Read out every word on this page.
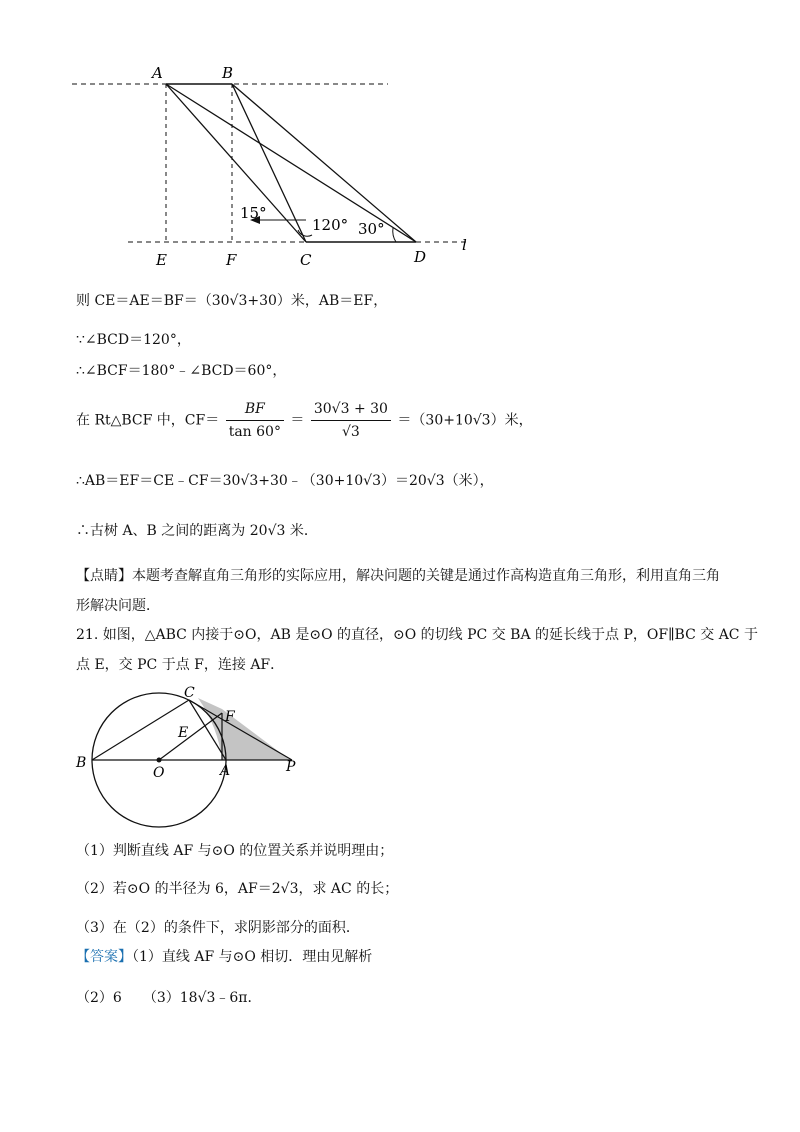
A	B
E	F	C	D
l
15°
120° 30°
则 CE＝AE＝BF＝（30√3+30）米，AB＝EF，
∵∠BCD＝120°，
∴∠BCF＝180°﹣∠BCD＝60°，
在 Rt△BCF 中，$CF= \frac{BF}{\tan 60^\circ} = \frac{30√3 + 30}{√3} =(30+10√3)$米，
∴AB＝EF＝CE﹣CF＝30√3+30﹣（30+10√3）＝20√3（米），
∴古树 A、B 之间的距离为 20√3 米．
【点睛】本题考查解直角三角形的实际应用，解决问题的关键是通过作高构造直角三角形，利用直角三角
形解决问题．
21. 如图，△ABC 内接于⊙O，AB 是⊙O 的直径，⊙O 的切线 PC 交 BA 的延长线于点 P，OF∥BC 交 AC 于
点 E，交 PC 于点 F，连接 AF．
B
C
F
E
O	A	P
（1）判断直线 AF 与⊙O 的位置关系并说明理由；
（2）若⊙O 的半径为 6，AF＝2√3，求 AC 的长；
（3）在（2）的条件下，求阴影部分的面积．
【答案】（1）直线 AF 与⊙O 相切．理由见解析
（2）6　　（3）18√3﹣6π．
